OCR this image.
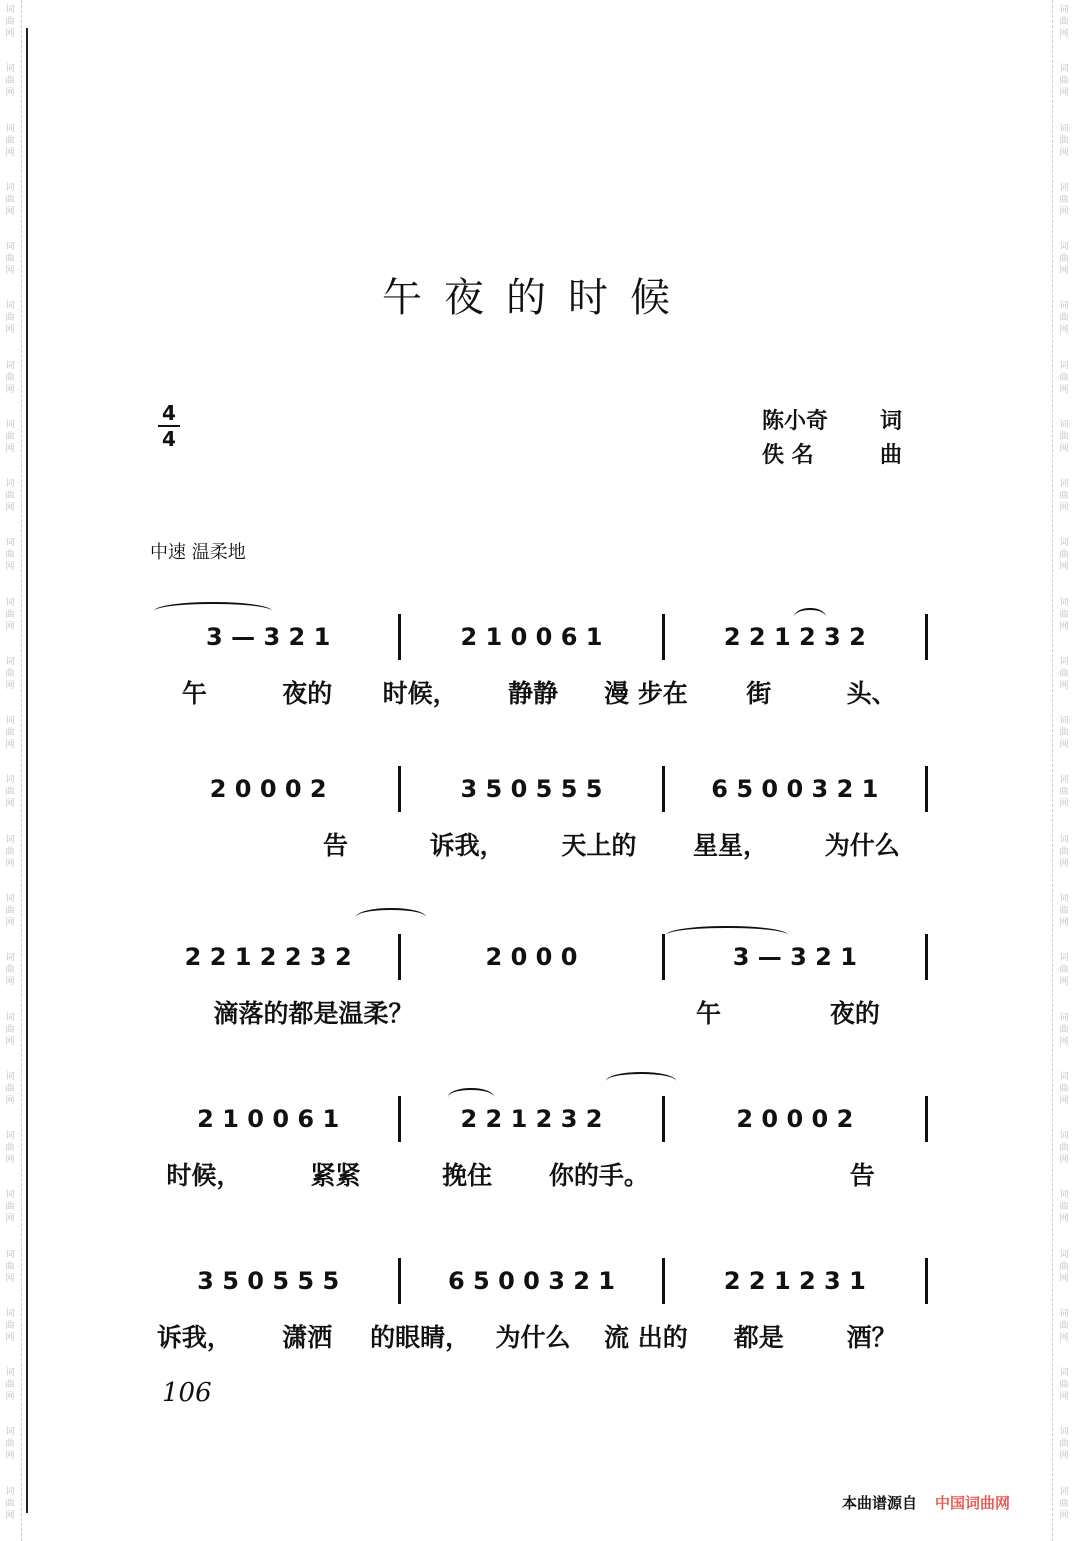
词
曲
网
词
曲
网
词
曲
网
词
曲
网
词
曲
网
词
曲
网
词
曲
网
词
曲
网
词
曲
网
词
曲
网
词
曲
网
词
曲
网
词
曲
网
词
曲
网
词
曲
网
词
曲
网
词
曲
网
词
曲
网
词
曲
网
词
曲
网
词
曲
网
词
曲
网
词
曲
网
词
曲
网
词
曲
网
词
曲
网
词
曲
网
词
曲
网
词
曲
网
词
曲
网
词
曲
网
词
曲
网
词
曲
网
词
曲
网
词
曲
网
词
曲
网
词
曲
网
词
曲
网
词
曲
网
词
曲
网
词
曲
网
词
曲
网
词
曲
网
词
曲
网
词
曲
网
词
曲
网
词
曲
网
词
曲
网
词
曲
网
词
曲
网
词
曲
网
词
曲
网
午夜的时候
4
4
陈小奇 词
佚 名	曲
中速 温柔地
3 — 3 2 1	2 1 0 0 6 1	2 2 1 2 3 2
午	夜的	时候，	静静	漫 步在	街	头、
2 0 0 0 2	3 5 0 5 5 5	6 5 0 0 3 2 1
告	诉我，	天上的	星星，	为什么
2 2 1 2 2 3 2	2 0 0 0	3 — 3 2 1
滴落的都是温柔？	午	夜的
2 1 0 0 6 1	2 2 1 2 3 2	2 0 0 0 2
时候，	紧紧	挽住	你的手。	告
3 5 0 5 5 5	6 5 0 0 3 2 1	2 2 1 2 3 1
诉我，	潇洒	的眼睛，	为什么	流 出的	都是	酒？
106
本曲谱源自 中国词曲网
